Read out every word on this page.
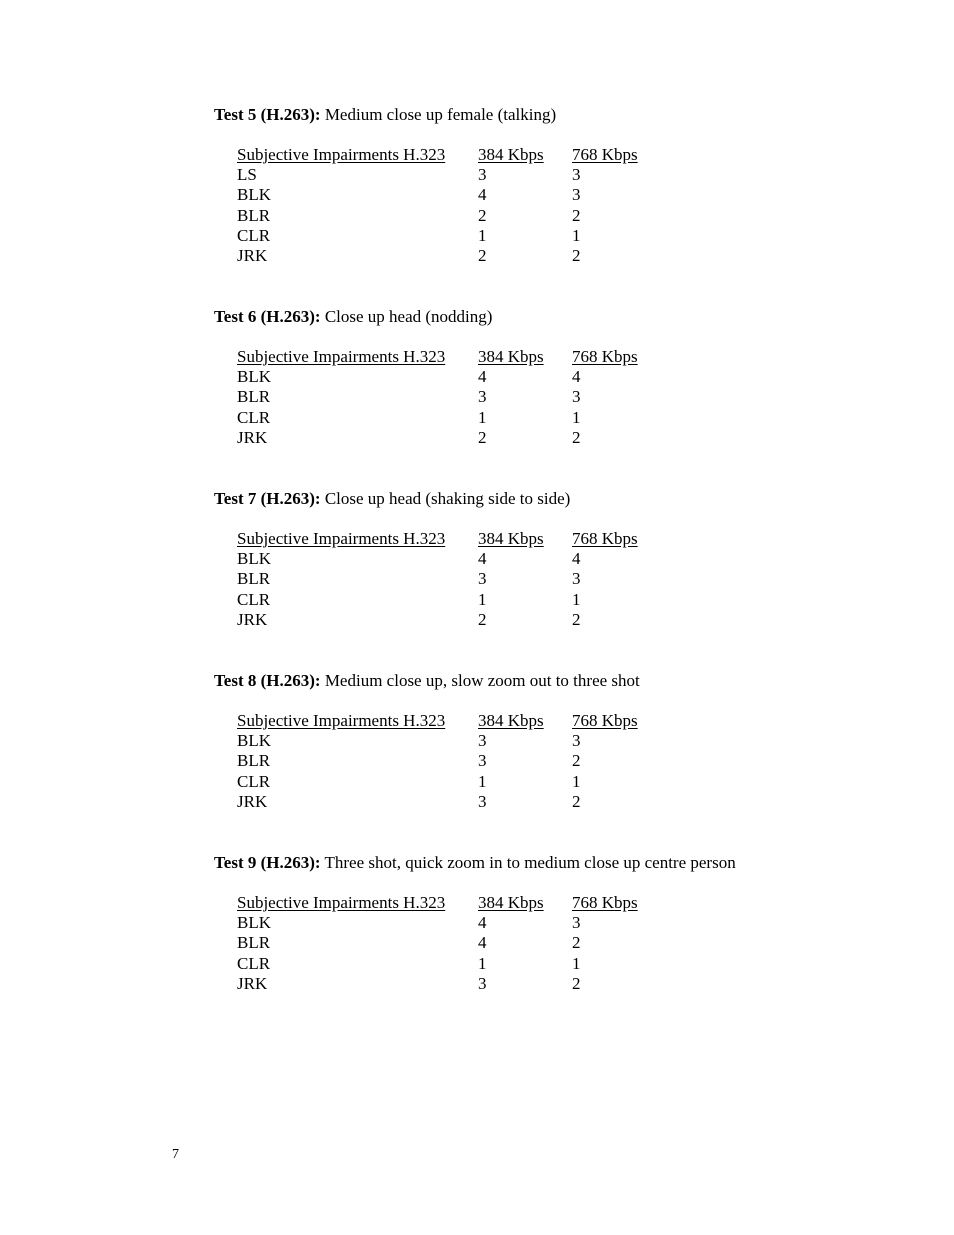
Test 5 (H.263): Medium close up female (talking)
Subjective Impairments H.323 384 Kbps 768 Kbps
LS	3	3
BLK	4	3
BLR	2	2
CLR	1	1
JRK	2	2
Test 6 (H.263): Close up head (nodding)
Subjective Impairments H.323 384 Kbps 768 Kbps
BLK	4	4
BLR	3	3
CLR	1	1
JRK	2	2
Test 7 (H.263): Close up head (shaking side to side)
Subjective Impairments H.323 384 Kbps 768 Kbps
BLK	4	4
BLR	3	3
CLR	1	1
JRK	2	2
Test 8 (H.263): Medium close up, slow zoom out to three shot
Subjective Impairments H.323 384 Kbps 768 Kbps
BLK	3	3
BLR	3	2
CLR	1	1
JRK	3	2
Test 9 (H.263): Three shot, quick zoom in to medium close up centre person
Subjective Impairments H.323 384 Kbps 768 Kbps
BLK	4	3
BLR	4	2
CLR	1	1
JRK	3	2
7
